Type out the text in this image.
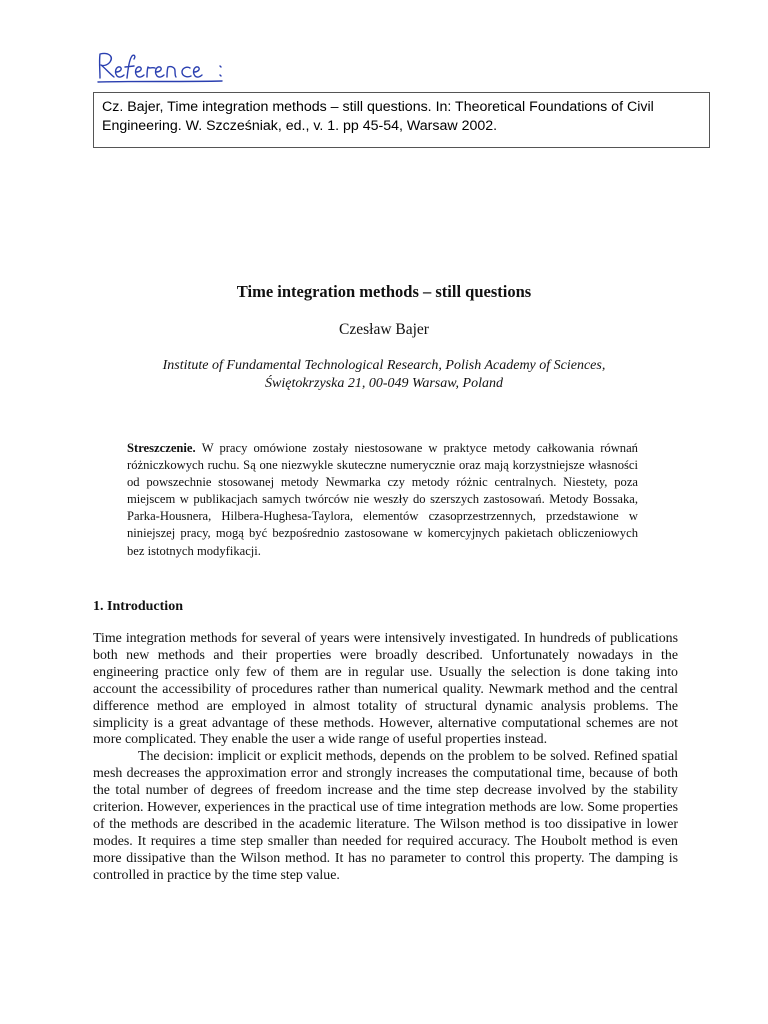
Cz. Bajer, Time integration methods – still questions. In: Theoretical Foundations of Civil Engineering. W. Szcześniak, ed., v. 1. pp 45-54, Warsaw 2002.
Time integration methods – still questions
Czesław Bajer
Institute of Fundamental Technological Research, Polish Academy of Sciences,
Świętokrzyska 21, 00-049 Warsaw, Poland
Streszczenie. W pracy omówione zostały niestosowane w praktyce metody całkowania równań różniczkowych ruchu. Są one niezwykle skuteczne numerycznie oraz mają korzystniejsze własności od powszechnie stosowanej metody Newmarka czy metody różnic centralnych. Niestety, poza miejscem w publikacjach samych twórców nie weszły do szerszych zastosowań. Metody Bossaka, Parka-Housnera, Hilbera-Hughesa-Taylora, elementów czasoprzestrzennych, przedstawione w niniejszej pracy, mogą być bezpośrednio zastosowane w komercyjnych pakietach obliczeniowych bez istotnych modyfikacji.
1. Introduction

Time integration methods for several of years were intensively investigated. In hundreds of publications both new methods and their properties were broadly described. Unfortunately nowadays in the engineering practice only few of them are in regular use. Usually the selection is done taking into account the accessibility of procedures rather than numerical quality. Newmark method and the central difference method are employed in almost totality of structural dynamic analysis problems. The simplicity is a great advantage of these methods. However, alternative computational schemes are not more complicated. They enable the user a wide range of useful properties instead.

The decision: implicit or explicit methods, depends on the problem to be solved. Refined spatial mesh decreases the approximation error and strongly increases the computational time, because of both the total number of degrees of freedom increase and the time step decrease involved by the stability criterion. However, experiences in the practical use of time integration methods are low. Some properties of the methods are described in the academic literature. The Wilson method is too dissipative in lower modes. It requires a time step smaller than needed for required accuracy. The Houbolt method is even more dissipative than the Wilson method. It has no parameter to control this property. The damping is controlled in practice by the time step value.
